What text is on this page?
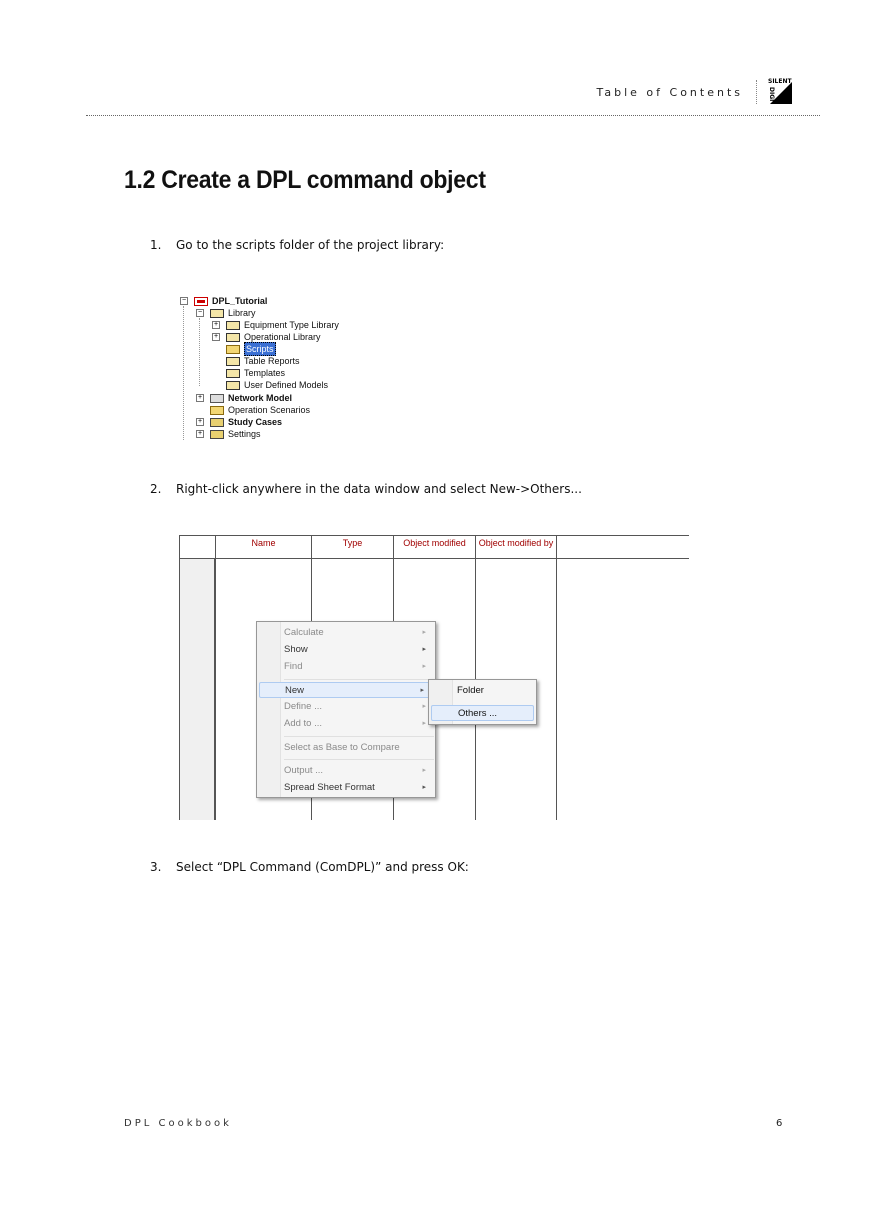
Table of Contents
SILENT
DIGI
1.2 Create a DPL command object
1. Go to the scripts folder of the project library:
−	DPL_Tutorial
−	Library
+	Equipment Type Library
+	Operational Library
Scripts
Table Reports
Templates
User Defined Models
+	Network Model
Operation Scenarios
+	Study Cases
+	Settings
2. Right-click anywhere in the data window and select New->Others...
Name	Type	Object modified	Object modified by
Calculate	▸
Show	▸
Find	▸
New	▸
Define ...	▸
Add to ...	▸
Select as Base to Compare
Output ...	▸
Spread Sheet Format	▸
Folder
Others ...
3. Select “DPL Command (ComDPL)” and press OK:
DPL Cookbook	6
